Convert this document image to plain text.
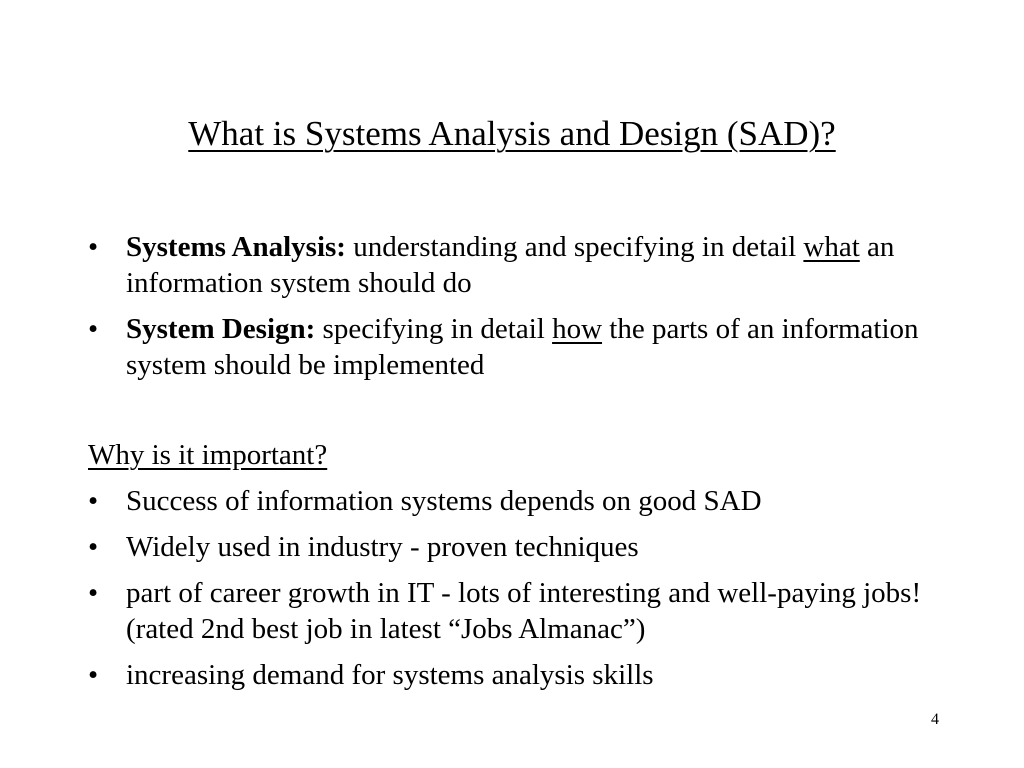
What is Systems Analysis and Design (SAD)?
• Systems Analysis: understanding and specifying in detail what an information system should do
• System Design: specifying in detail how the parts of an information system should be implemented
Why is it important?
• Success of information systems depends on good SAD
• Widely used in industry - proven techniques
• part of career growth in IT - lots of interesting and well-paying jobs! (rated 2nd best job in latest “Jobs Almanac”)
• increasing demand for systems analysis skills
4
